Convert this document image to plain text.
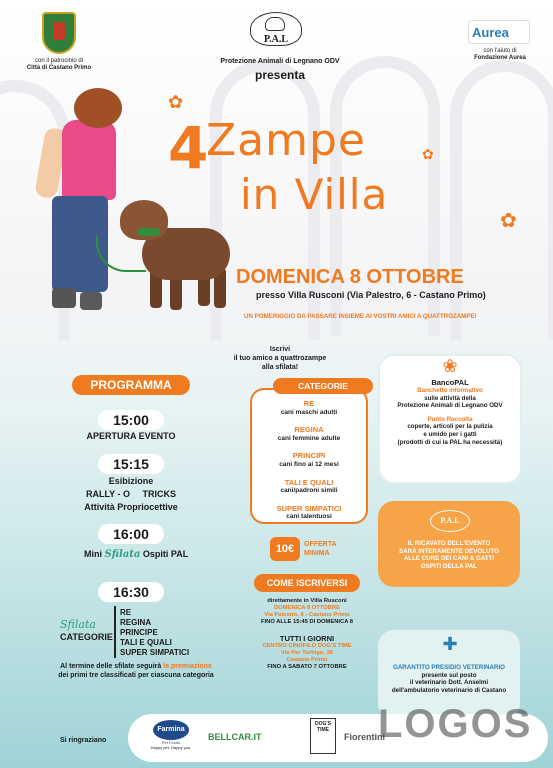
con il patrocinio di
Città di Castano Primo
P.A.L
Protezione Animali di Legnano ODV
presenta
Aurea
con l'aiuto di
Fondazione Aurea
✿
✿
✿
4
Zampe
in Villa
DOMENICA 8 OTTOBRE
presso Villa Rusconi (Via Palestro, 6 - Castano Primo)
UN POMERIGGIO DA PASSARE INSIEME AI VOSTRI AMICI A QUATTROZAMPE!
Iscrivi
il tuo amico a quattrozampe
alla sfilata!
PROGRAMMA
15:00
APERTURA EVENTO
15:15
Esibizione
RALLY - O     TRICKS
Attività Propriocettive
16:00
Mini Sfilata Ospiti PAL
16:30
Sfilata
CATEGORIE
RE
REGINA
PRINCIPE
TALI E QUALI
SUPER SIMPATICI
Al termine delle sfilate seguirà la premiazione
dei primi tre classificati per ciascuna categoria
CATEGORIE
RE
cani maschi adulti
REGINA
cani femmine adulte
PRINCIPI
cani fino ai 12 mesi
TALI E QUALI
cani/padroni simili
SUPER SIMPATICI
cani talentuosi
10€	OFFERTA
MINIMA
COME ISCRIVERSI
direttamente in Villa Rusconi
DOMENICA 8 OTTOBRE
Via Palestro, 6 - Castano Primo
FINO ALLE 15:45 DI DOMENICA 8
TUTTI I GIORNI
CENTRO CINOFILO DOG'S TIME
Via Per Turbigo, 36
Castano Primo
FINO A SABATO 7 OTTOBRE
❀
BancoPAL
Banchetto informativo
sulle attività della
Protezione Animali di Legnano ODV
Punto Raccolta
coperte, articoli per la pulizia
e umido per i gatti
(prodotti di cui la PAL ha necessità)
P.A.L
IL RICAVATO DELL'EVENTO
SARÀ INTERAMENTE DEVOLUTO
ALLE CURE DEI CANI & GATTI
OSPITI DELLA PAL
✚
GARANTITO PRESIDIO VETERINARIO
presente sul posto
il veterinario Dott. Anselmi
dell'ambulatorio veterinario di Castano
Si ringraziano
Farmina
Pet Foods
Happy pet. Happy you.
BELLCAR.IT
DOG'S TIME
Fiorentini
LOGOS
